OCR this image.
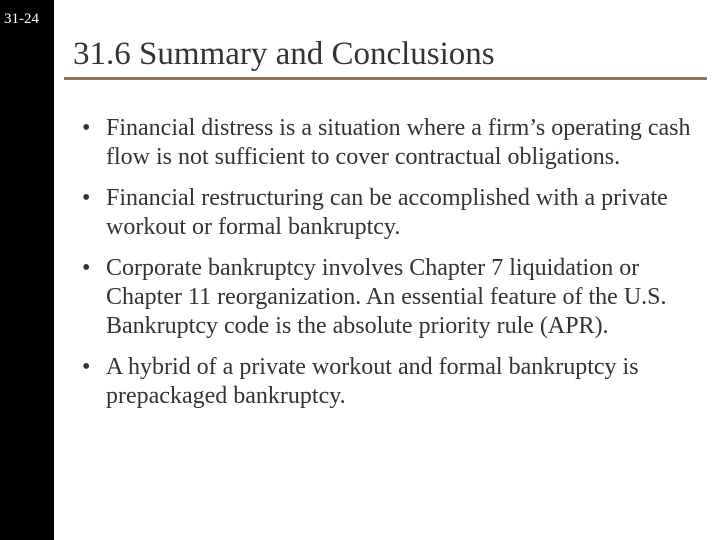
31-24
31.6 Summary and Conclusions
• Financial distress is a situation where a firm’s operating cash flow is not sufficient to cover contractual obligations.
• Financial restructuring can be accomplished with a private workout or formal bankruptcy.
• Corporate bankruptcy involves Chapter 7 liquidation or Chapter 11 reorganization. An essential feature of the U.S. Bankruptcy code is the absolute priority rule (APR).
• A hybrid of a private workout and formal bankruptcy is prepackaged bankruptcy.
